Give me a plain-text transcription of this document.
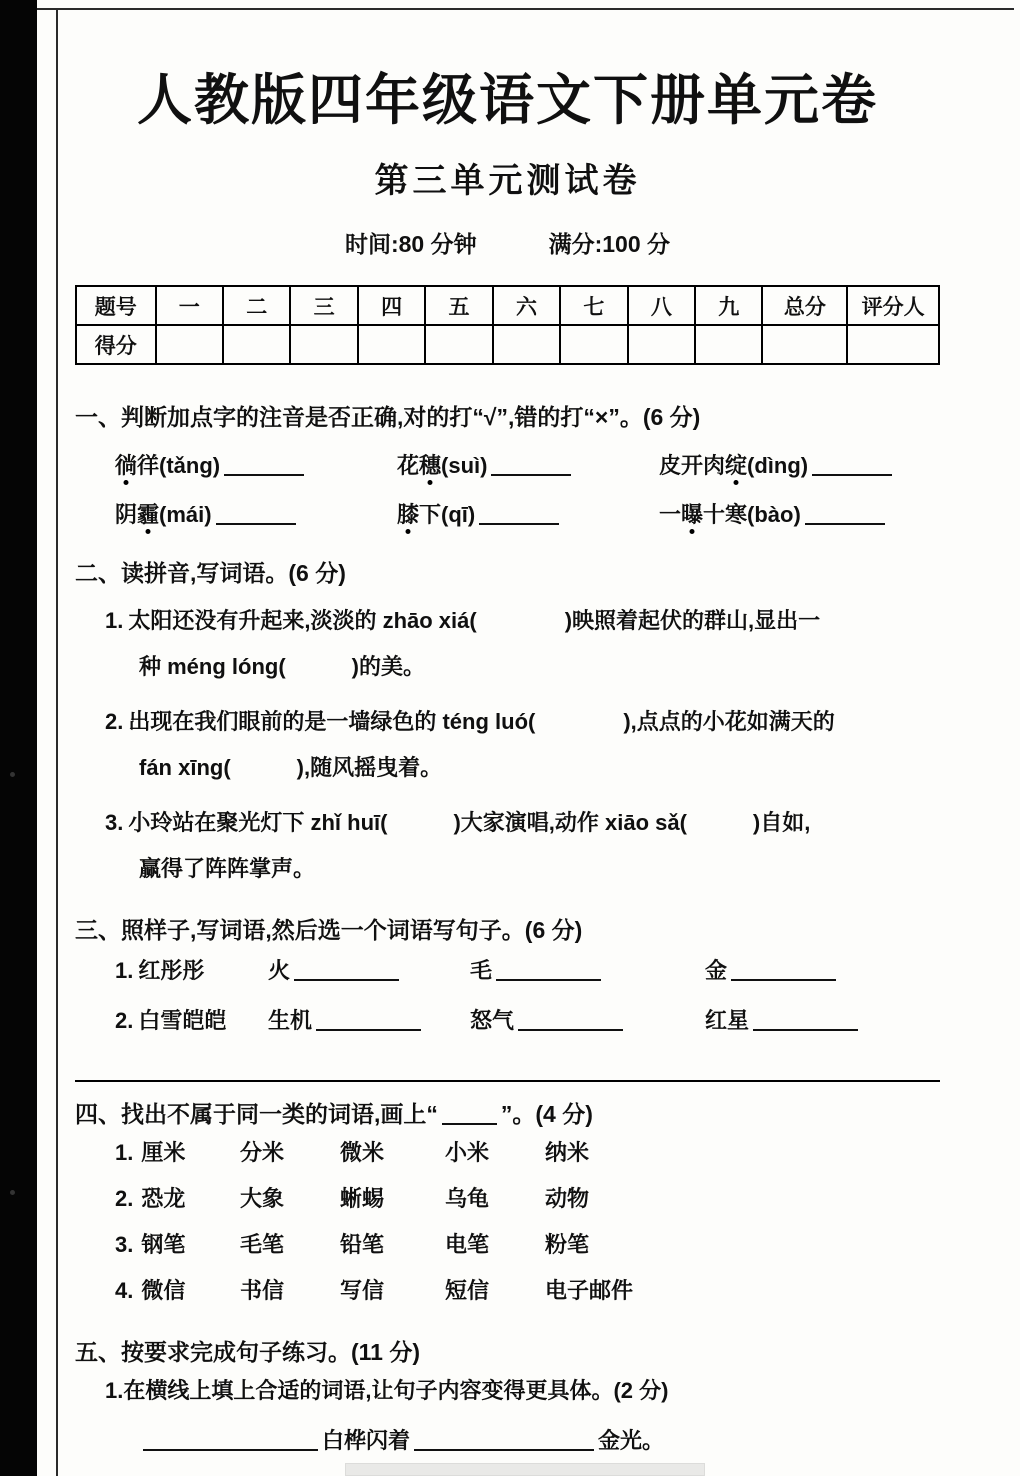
人教版四年级语文下册单元卷
第三单元测试卷
时间:80 分钟	满分:100 分
题号	一	二	三	四	五	六	七	八	九	总分	评分人
得分											
一、判断加点字的注音是否正确,对的打“√”,错的打“×”。(6 分)
徜徉(tǎng)	花穗(suì)	皮开肉绽(dìng)
阴霾(mái)	膝下(qī)	一曝十寒(bào)
二、读拼音,写词语。(6 分)
1. 太阳还没有升起来,淡淡的 zhāo xiá(　　　　)映照着起伏的群山,显出一
种 méng lóng(　　　)的美。
2. 出现在我们眼前的是一墙绿色的 téng luó(　　　　),点点的小花如满天的
fán xīng(　　　),随风摇曳着。
3. 小玲站在聚光灯下 zhǐ huī(　　　)大家演唱,动作 xiāo sǎ(　　　)自如,
赢得了阵阵掌声。
三、照样子,写词语,然后选一个词语写句子。(6 分)
1. 红彤彤	火	毛	金
2. 白雪皑皑	生机	怒气	红星
四、找出不属于同一类的词语,画上“	”。(4 分)
1. 厘米	分米	微米	小米	纳米
2. 恐龙	大象	蜥蜴	乌龟	动物
3. 钢笔	毛笔	铅笔	电笔	粉笔
4. 微信	书信	写信	短信	电子邮件
五、按要求完成句子练习。(11 分)
1.在横线上填上合适的词语,让句子内容变得更具体。(2 分)
白桦闪着	金光。
